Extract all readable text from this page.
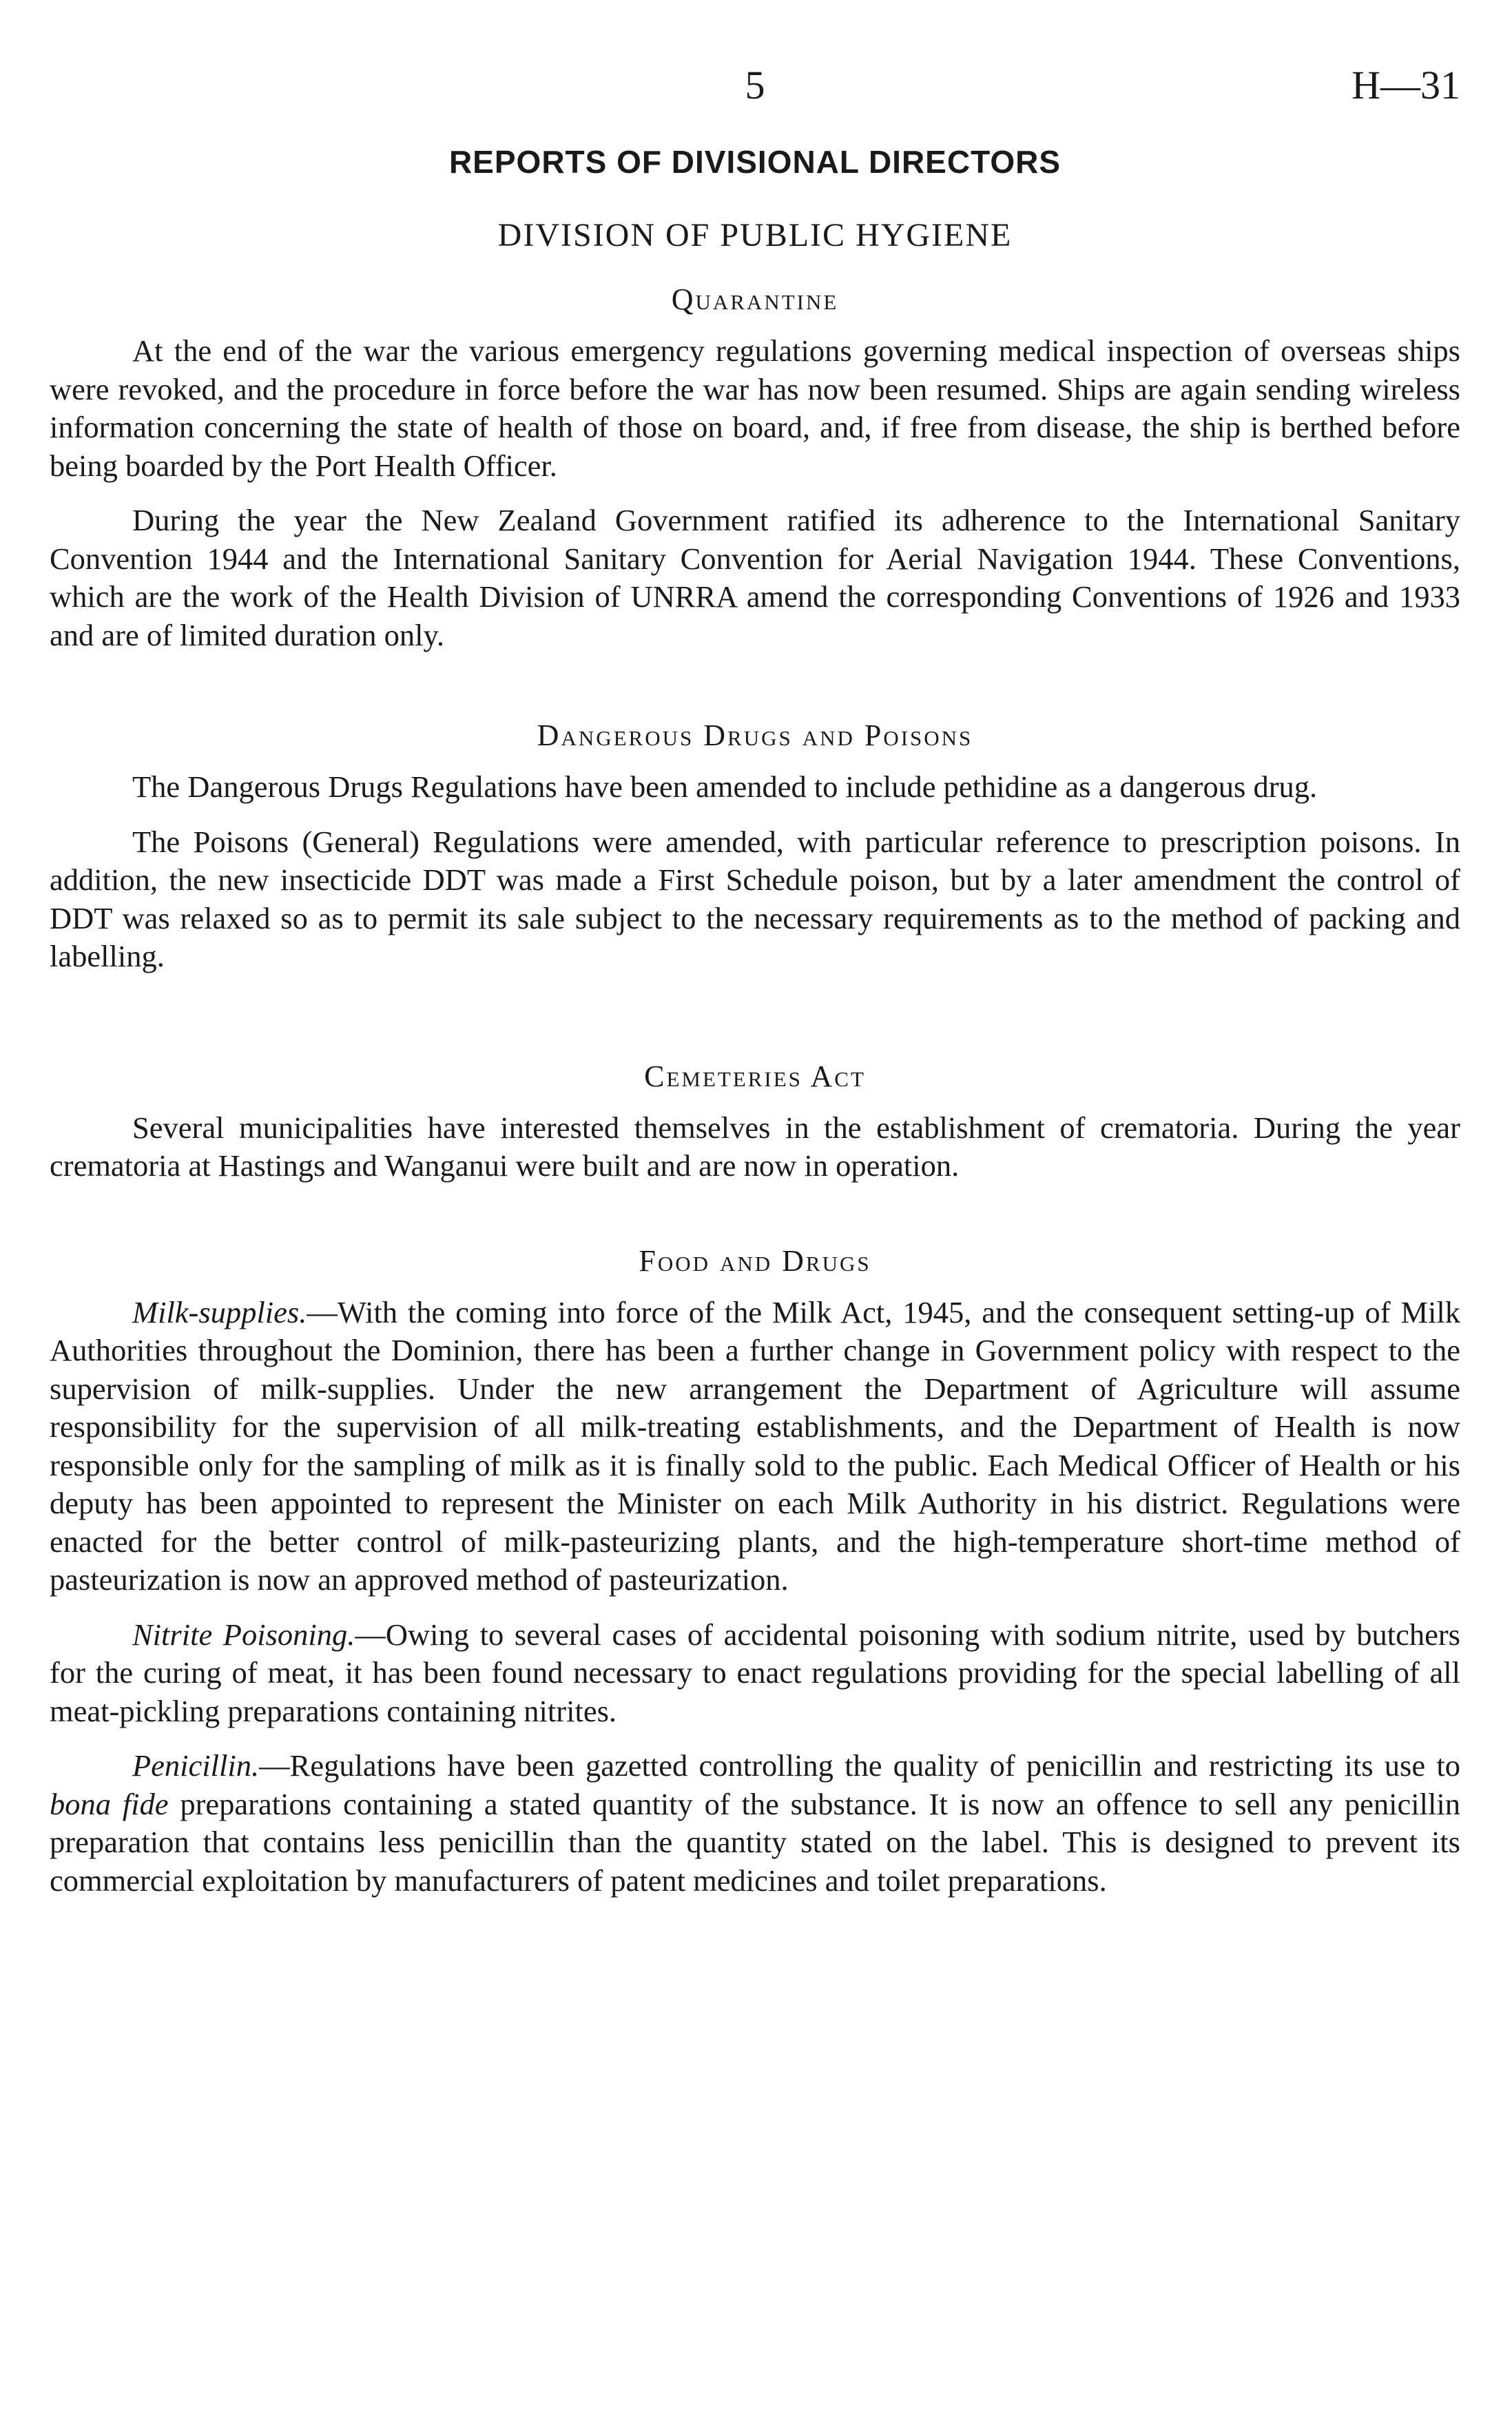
5	H—31
REPORTS OF DIVISIONAL DIRECTORS
DIVISION OF PUBLIC HYGIENE
Quarantine

At the end of the war the various emergency regulations governing medical inspection of overseas ships were revoked, and the procedure in force before the war has now been resumed. Ships are again sending wireless information concerning the state of health of those on board, and, if free from disease, the ship is berthed before being boarded by the Port Health Officer.

During the year the New Zealand Government ratified its adherence to the International Sanitary Convention 1944 and the International Sanitary Convention for Aerial Navigation 1944. These Conventions, which are the work of the Health Division of UNRRA amend the corresponding Conventions of 1926 and 1933 and are of limited duration only.

Dangerous Drugs and Poisons

The Dangerous Drugs Regulations have been amended to include pethidine as a dangerous drug.

The Poisons (General) Regulations were amended, with particular reference to prescription poisons. In addition, the new insecticide DDT was made a First Schedule poison, but by a later amendment the control of DDT was relaxed so as to permit its sale subject to the necessary requirements as to the method of packing and labelling.

Cemeteries Act

Several municipalities have interested themselves in the establishment of crematoria. During the year crematoria at Hastings and Wanganui were built and are now in operation.

Food and Drugs

Milk-supplies.—With the coming into force of the Milk Act, 1945, and the consequent setting-up of Milk Authorities throughout the Dominion, there has been a further change in Government policy with respect to the supervision of milk-supplies. Under the new arrangement the Department of Agriculture will assume responsibility for the supervision of all milk-treating establishments, and the Department of Health is now responsible only for the sampling of milk as it is finally sold to the public. Each Medical Officer of Health or his deputy has been appointed to represent the Minister on each Milk Authority in his district. Regulations were enacted for the better control of milk-pasteurizing plants, and the high-temperature short-time method of pasteurization is now an approved method of pasteurization.

Nitrite Poisoning.—Owing to several cases of accidental poisoning with sodium nitrite, used by butchers for the curing of meat, it has been found necessary to enact regulations providing for the special labelling of all meat-pickling preparations containing nitrites.

Penicillin.—Regulations have been gazetted controlling the quality of penicillin and restricting its use to bona fide preparations containing a stated quantity of the substance. It is now an offence to sell any penicillin preparation that contains less penicillin than the quantity stated on the label. This is designed to prevent its commercial exploitation by manufacturers of patent medicines and toilet preparations.
